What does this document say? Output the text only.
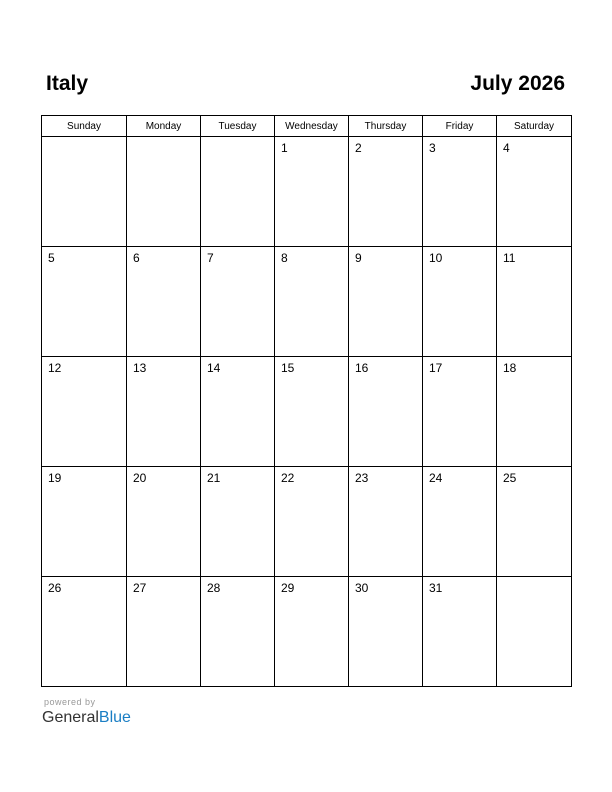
Italy	July 2026
Sunday	Monday	Tuesday	Wednesday	Thursday	Friday	Saturday

			1	2	3	4

5	6	7	8	9	10	11

12	13	14	15	16	17	18

19	20	21	22	23	24	25

26	27	28	29	30	31	

powered by
GeneralBlue
